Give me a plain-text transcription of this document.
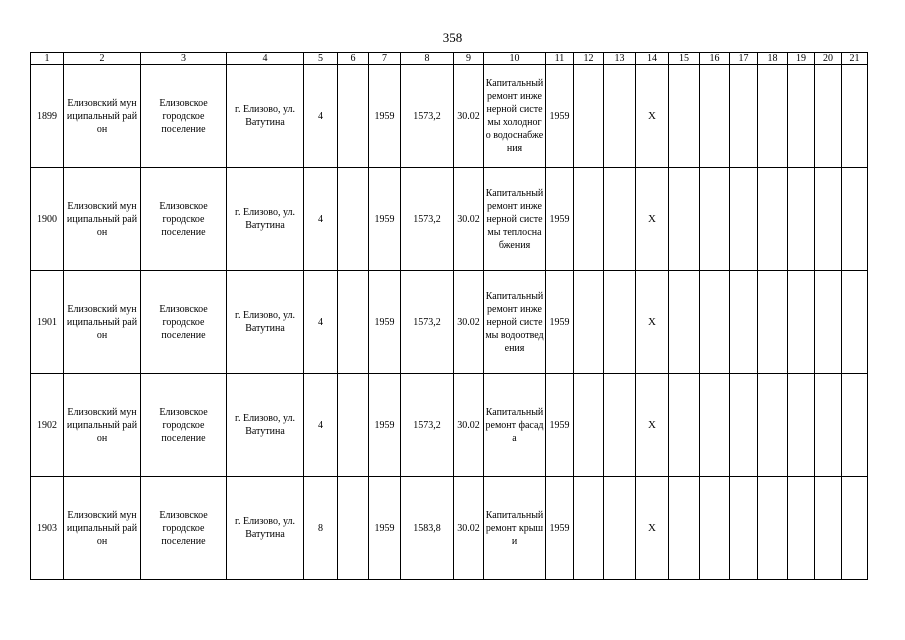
358
1	2	3	4	5	6	7	8	9	10	11	12	13	14	15	16	17	18	19	20	21
1899	Елизовский муниципальный район	Елизовское городское поселение	г. Елизово, ул. Ватутина	4		1959	1573,2	30.02	Капитальный ремонт инженерной системы холодного водоснабжения	1959			X							
1900	Елизовский муниципальный район	Елизовское городское поселение	г. Елизово, ул. Ватутина	4		1959	1573,2	30.02	Капитальный ремонт инженерной системы теплоснабжения	1959			X							
1901	Елизовский муниципальный район	Елизовское городское поселение	г. Елизово, ул. Ватутина	4		1959	1573,2	30.02	Капитальный ремонт инженерной системы водоотведения	1959			X							
1902	Елизовский муниципальный район	Елизовское городское поселение	г. Елизово, ул. Ватутина	4		1959	1573,2	30.02	Капитальный ремонт фасада	1959			X							
1903	Елизовский муниципальный район	Елизовское городское поселение	г. Елизово, ул. Ватутина	8		1959	1583,8	30.02	Капитальный ремонт крыши	1959			X							
